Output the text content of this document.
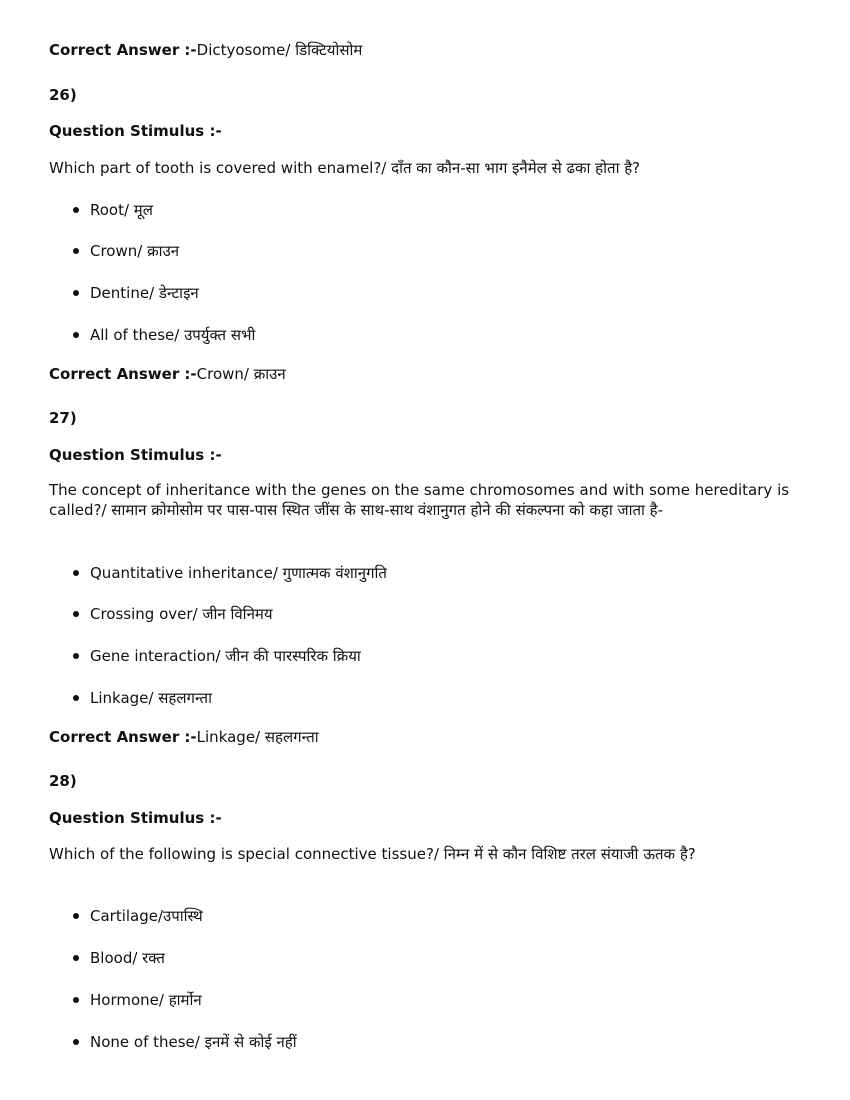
Correct Answer :-Dictyosome/ डिक्टियोसोम
26)
Question Stimulus :-
Which part of tooth is covered with enamel?/ दाँत का कौन-सा भाग इनैमेल से ढका होता है?
Root/ मूल
Crown/ क्राउन
Dentine/ डेन्टाइन
All of these/ उपर्युक्त सभी
Correct Answer :-Crown/ क्राउन
27)
Question Stimulus :-
The concept of inheritance with the genes on the same chromosomes and with some hereditary is called?/ सामान क्रोमोसोम पर पास-पास स्थित जींस के साथ-साथ वंशानुगत होने की संकल्पना को कहा जाता है-
Quantitative inheritance/ गुणात्मक वंशानुगति
Crossing over/ जीन विनिमय
Gene interaction/ जीन की पारस्परिक क्रिया
Linkage/ सहलगन्ता
Correct Answer :-Linkage/ सहलगन्ता
28)
Question Stimulus :-
Which of the following is special connective tissue?/ निम्न में से कौन विशिष्ट तरल संयाजी ऊतक है?
Cartilage/उपास्थि
Blood/ रक्त
Hormone/ हार्मोन
None of these/ इनमें से कोई नहीं
